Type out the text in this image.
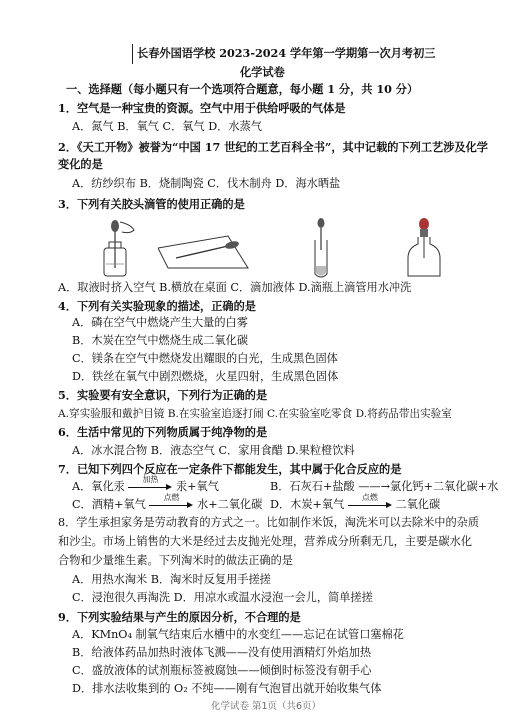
长春外国语学校 2023-2024 学年第一学期第一次月考初三
化学试卷
一、选择题（每小题只有一个选项符合题意，每小题 1 分，共 10 分）
1．空气是一种宝贵的资源。空气中用于供给呼吸的气体是
A．氮气 B．氧气 C．氧气 D．水蒸气
2．《天工开物》被誉为“中国 17 世纪的工艺百科全书”，其中记载的下列工艺涉及化学
变化的是
A．纺纱织布 B．烧制陶瓷 C．伐木制舟 D．海水晒盐
3．下列有关胶头滴管的使用正确的是
A．取液时挤入空气 B.横放在桌面 C．滴加液体 D.滴瓶上滴管用水冲洗
4．下列有关实验现象的描述，正确的是
A．磷在空气中燃烧产生大量的白雾
B．木炭在空气中燃烧生成二氧化碳
C．镁条在空气中燃烧发出耀眼的白光，生成黑色固体
D．铁丝在氧气中剧烈燃烧，火星四射，生成黑色固体
5．实验要有安全意识，下列行为正确的是
A.穿实验服和戴护目镜 B.在实验室追逐打闹 C.在实验室吃零食 D.将药品带出实验室
6．生活中常见的下列物质属于纯净物的是
A．冰水混合物 B．液态空气 C．家用食醋 D.果粒橙饮料
7．已知下列四个反应在一定条件下都能发生，其中属于化合反应的是
A．氧化汞
加热
汞+氧气	B．石灰石+盐酸 ——→氯化钙+二氧化碳+水
C．酒精+氧气
点燃
水+二氧化碳 D．木炭+氧气
点燃
二氧化碳
8．学生承担家务是劳动教育的方式之一。比如制作米饭，淘洗米可以去除米中的杂质
和沙尘。市场上销售的大米是经过去皮抛光处理，营养成分所剩无几，主要是碳水化
合物和少量维生素。下列淘米时的做法正确的是
A．用热水淘米 B．淘米时反复用手搓搓
C．浸泡很久再淘洗 D．用凉水或温水浸泡一会儿，简单搓搓
9．下列实验结果与产生的原因分析，不合理的是
A．KMnO₄ 制氧气结束后水槽中的水变红——忘记在试管口塞棉花
B．给液体药品加热时液体飞溅——没有使用酒精灯外焰加热
C．盛放液体的试剂瓶标签被腐蚀——倾倒时标签没有朝手心
D．排水法收集到的 O₂ 不纯——刚有气泡冒出就开始收集气体
化学试卷 第1页（共6页）
